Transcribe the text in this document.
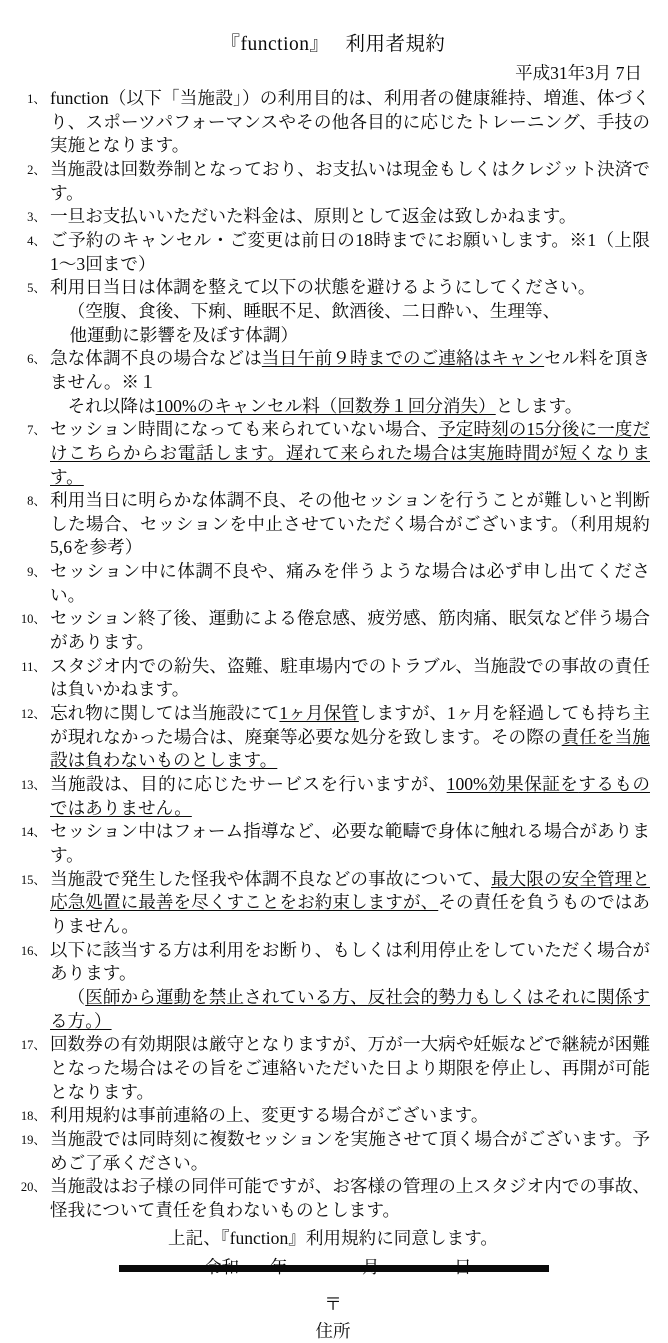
『function』 利用者規約
平成31年3月 7日
1、 function（以下「当施設」）の利用目的は、利用者の健康維持、増進、体づくり、スポーツパフォーマンスやその他各目的に応じたトレーニング、手技の実施となります。
2、 当施設は回数券制となっており、お支払いは現金もしくはクレジット決済です。
3、 一旦お支払いいただいた料金は、原則として返金は致しかねます。
4、 ご予約のキャンセル・ご変更は前日の18時までにお願いします。※1（上限1〜3回まで）
5、 利用日当日は体調を整えて以下の状態を避けるようにしてください。
（空腹、食後、下痢、睡眠不足、飲酒後、二日酔い、生理等、
他運動に影響を及ぼす体調）
6、 急な体調不良の場合などは当日午前９時までのご連絡はキャンセル料を頂きません。※１
それ以降は100%のキャンセル料（回数券１回分消失）とします。
7、 セッション時間になっても来られていない場合、予定時刻の15分後に一度だけこちらからお電話します。遅れて来られた場合は実施時間が短くなります。
8、 利用当日に明らかな体調不良、その他セッションを行うことが難しいと判断した場合、セッションを中止させていただく場合がございます。（利用規約5,6を参考）
9、 セッション中に体調不良や、痛みを伴うような場合は必ず申し出てください。
10、 セッション終了後、運動による倦怠感、疲労感、筋肉痛、眠気など伴う場合があります。
11、 スタジオ内での紛失、盗難、駐車場内でのトラブル、当施設での事故の責任は負いかねます。
12、 忘れ物に関しては当施設にて1ヶ月保管しますが、1ヶ月を経過しても持ち主が現れなかった場合は、廃棄等必要な処分を致します。その際の責任を当施設は負わないものとします。
13、 当施設は、目的に応じたサービスを行いますが、100%効果保証をするものではありません。
14、 セッション中はフォーム指導など、必要な範疇で身体に触れる場合があります。
15、 当施設で発生した怪我や体調不良などの事故について、最大限の安全管理と応急処置に最善を尽くすことをお約束しますが、その責任を負うものではありません。
16、 以下に該当する方は利用をお断り、もしくは利用停止をしていただく場合があります。
（医師から運動を禁止されている方、反社会的勢力もしくはそれに関係する方。）
17、 回数券の有効期限は厳守となりますが、万が一大病や妊娠などで継続が困難となった場合はその旨をご連絡いただいた日より期限を停止し、再開が可能となります。
18、 利用規約は事前連絡の上、変更する場合がございます。
19、 当施設では同時刻に複数セッションを実施させて頂く場合がございます。予めご了承ください。
20、 当施設はお子様の同伴可能ですが、お客様の管理の上スタジオ内での事故、怪我について責任を負わないものとします。
上記、『function』利用規約に同意します。
〒
住所
